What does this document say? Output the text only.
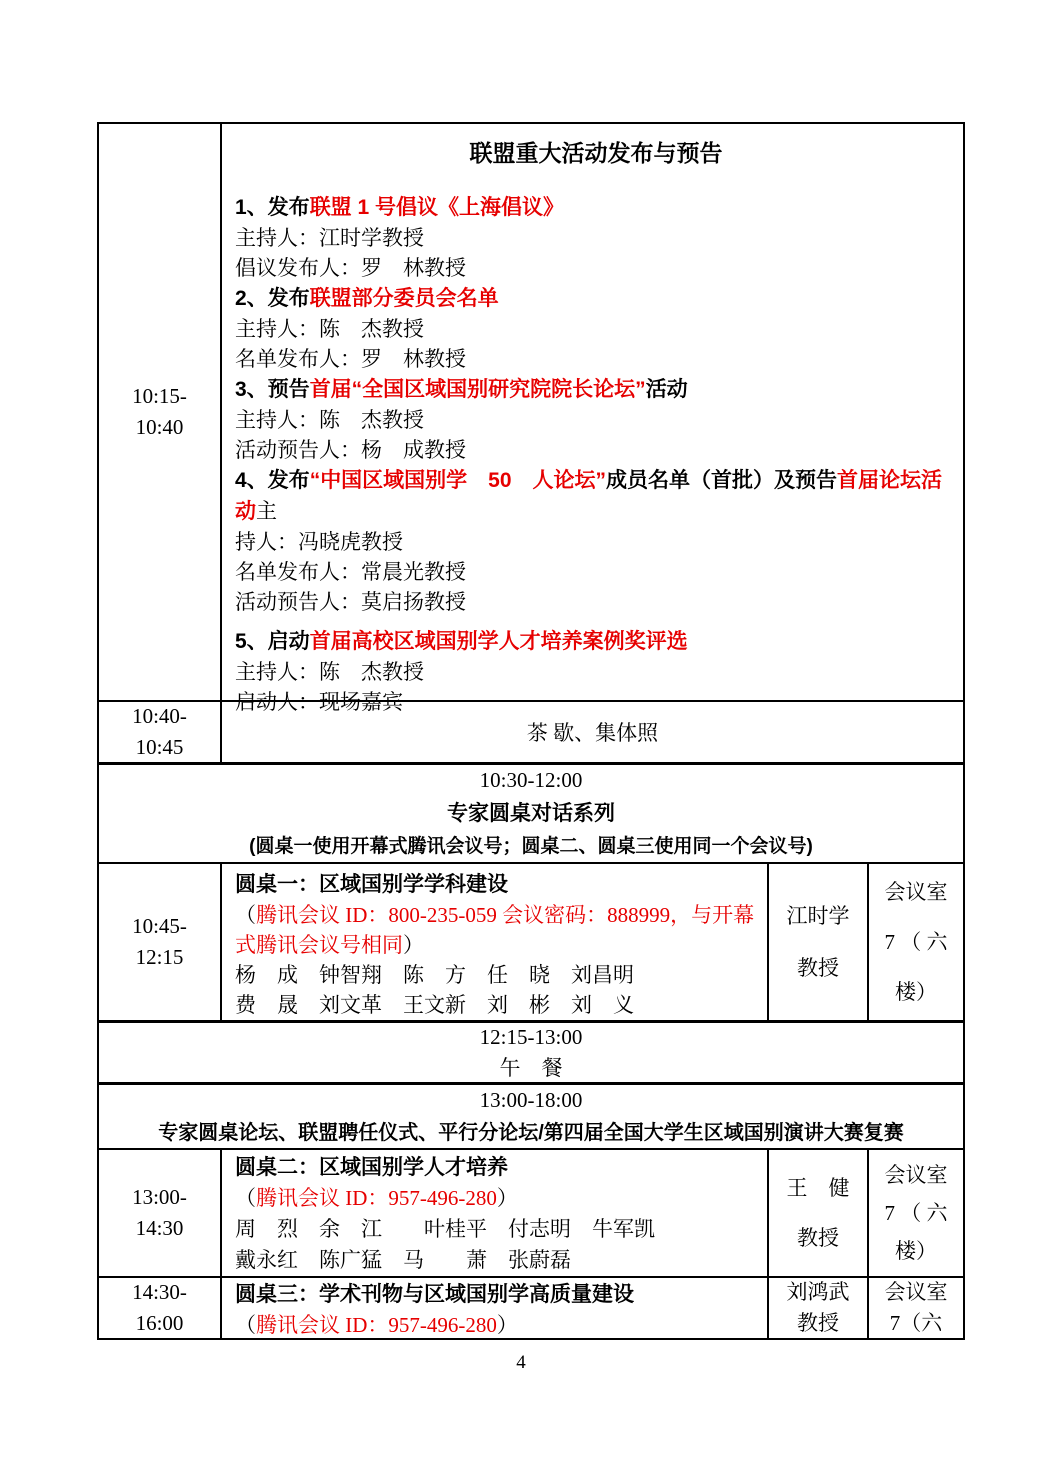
10:15-
10:40
联盟重大活动发布与预告
1、发布联盟 1 号倡议《上海倡议》
主持人：江时学教授
倡议发布人：罗　林教授
2、发布联盟部分委员会名单
主持人：陈　杰教授
名单发布人：罗　林教授
3、预告首届“全国区域国别研究院院长论坛”活动
主持人：陈　杰教授
活动预告人：杨　成教授
4、发布“中国区域国别学　50　人论坛”成员名单（首批）及预告首届论坛活动主
持人：冯晓虎教授
名单发布人：常晨光教授
活动预告人：莫启扬教授
5、启动首届高校区域国别学人才培养案例奖评选
主持人：陈　杰教授
启动人：现场嘉宾
10:40-
10:45
茶 歇、集体照
10:30-12:00
专家圆桌对话系列
(圆桌一使用开幕式腾讯会议号；圆桌二、圆桌三使用同一个会议号)
10:45-
12:15
圆桌一：区域国别学学科建设
（腾讯会议 ID：800-235-059 会议密码：888999，与开幕
式腾讯会议号相同）
杨　成　钟智翔　陈　方　任　晓　刘昌明
费　晟　刘文革　王文新　刘　彬　刘　义
江时学
教授
会议室
7 （ 六
楼）
12:15-13:00
午　餐
13:00-18:00
专家圆桌论坛、联盟聘任仪式、平行分论坛/第四届全国大学生区域国别演讲大赛复赛
13:00-
14:30
圆桌二：区域国别学人才培养
（腾讯会议 ID：957-496-280）
周　烈　余　江　　叶桂平　付志明　牛军凯
戴永红　陈广猛　马　　萧　张蔚磊
王　健
教授
会议室
7 （ 六
楼）
14:30-
16:00
圆桌三：学术刊物与区域国别学高质量建设
（腾讯会议 ID：957-496-280）
刘鸿武
教授
会议室
7（六
4
